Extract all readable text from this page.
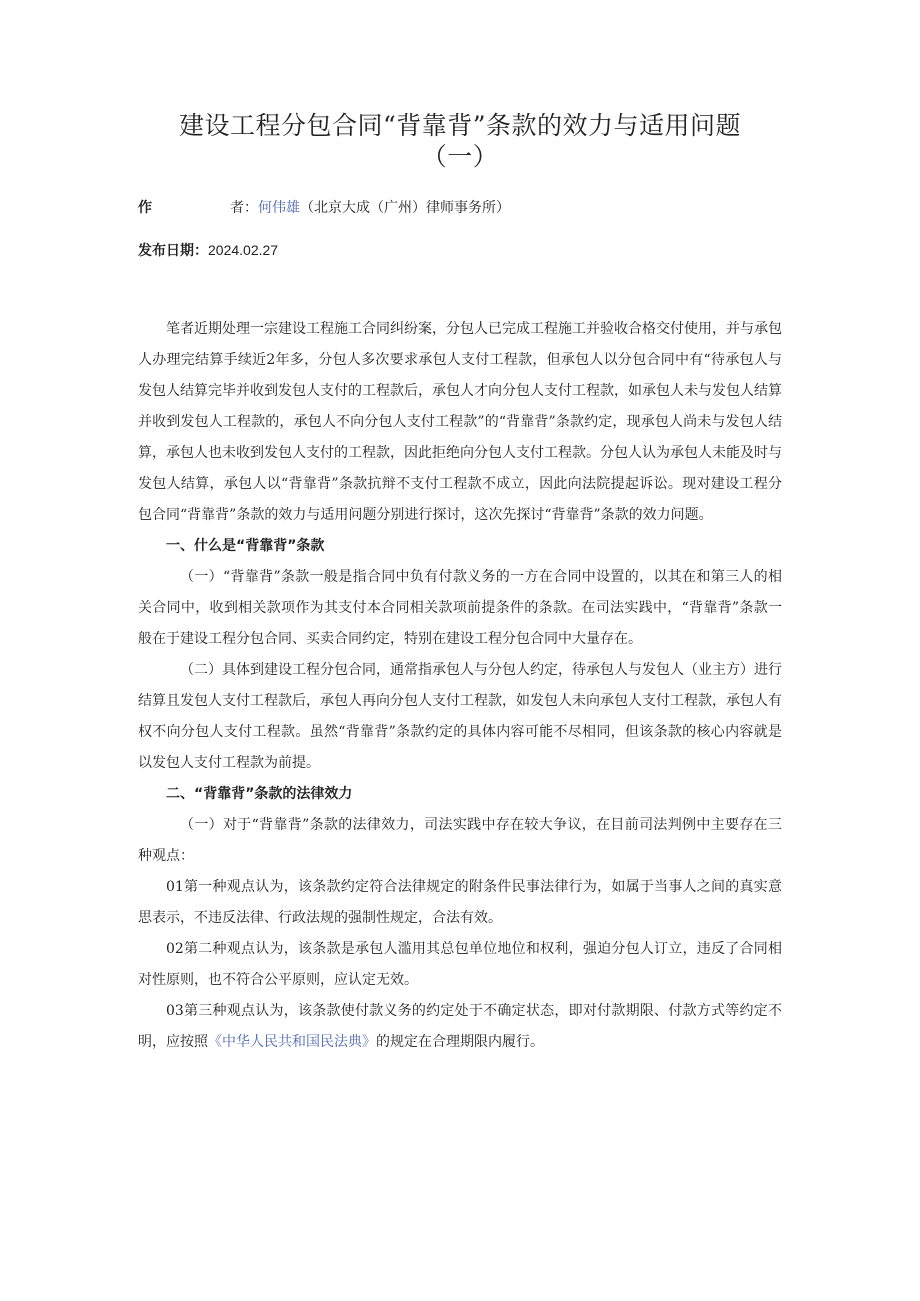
建设工程分包合同“背靠背”条款的效力与适用问题
（一）
作	者：何伟雄（北京大成（广州）律师事务所）
发布日期：2024.02.27

笔者近期处理一宗建设工程施工合同纠纷案，分包人已完成工程施工并验收合格交付使用，并与承包人办理完结算手续近2年多，分包人多次要求承包人支付工程款，但承包人以分包合同中有“待承包人与发包人结算完毕并收到发包人支付的工程款后，承包人才向分包人支付工程款，如承包人未与发包人结算并收到发包人工程款的，承包人不向分包人支付工程款”的“背靠背”条款约定，现承包人尚未与发包人结算，承包人也未收到发包人支付的工程款，因此拒绝向分包人支付工程款。分包人认为承包人未能及时与发包人结算，承包人以“背靠背”条款抗辩不支付工程款不成立，因此向法院提起诉讼。现对建设工程分包合同“背靠背”条款的效力与适用问题分别进行探讨，这次先探讨“背靠背”条款的效力问题。

一、什么是“背靠背”条款

（一）“背靠背”条款一般是指合同中负有付款义务的一方在合同中设置的，以其在和第三人的相关合同中，收到相关款项作为其支付本合同相关款项前提条件的条款。在司法实践中，“背靠背”条款一般在于建设工程分包合同、买卖合同约定，特别在建设工程分包合同中大量存在。

（二）具体到建设工程分包合同，通常指承包人与分包人约定，待承包人与发包人（业主方）进行结算且发包人支付工程款后，承包人再向分包人支付工程款，如发包人未向承包人支付工程款，承包人有权不向分包人支付工程款。虽然“背靠背”条款约定的具体内容可能不尽相同，但该条款的核心内容就是以发包人支付工程款为前提。

二、“背靠背”条款的法律效力

（一）对于“背靠背”条款的法律效力，司法实践中存在较大争议，在目前司法判例中主要存在三种观点：

01第一种观点认为，该条款约定符合法律规定的附条件民事法律行为，如属于当事人之间的真实意思表示，不违反法律、行政法规的强制性规定，合法有效。

02第二种观点认为，该条款是承包人滥用其总包单位地位和权利，强迫分包人订立，违反了合同相对性原则，也不符合公平原则，应认定无效。

03第三种观点认为，该条款使付款义务的约定处于不确定状态，即对付款期限、付款方式等约定不明，应按照《中华人民共和国民法典》的规定在合理期限内履行。
